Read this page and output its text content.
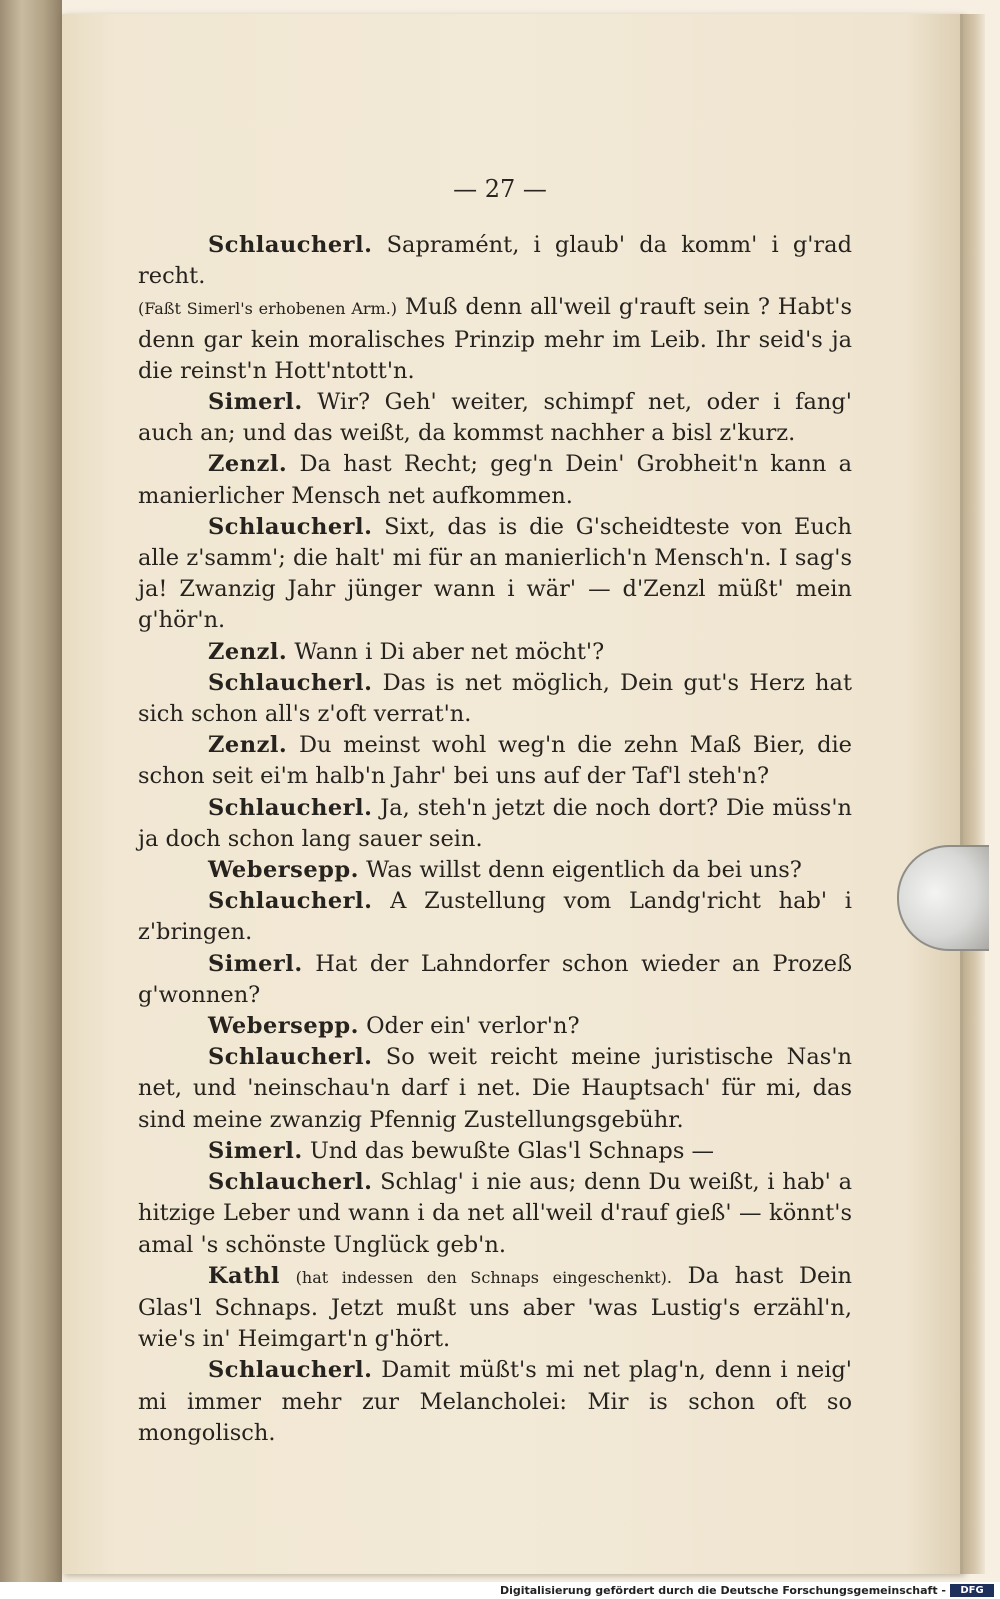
— 27 —

Schlaucherl. Sapramént, i glaub' da komm' i g'rad recht.
(Faßt Simerl's erhobenen Arm.) Muß denn all'weil g'rauft sein ? Habt's denn gar kein moralisches Prinzip mehr im Leib. Ihr seid's ja die reinst'n Hott'ntott'n.

Simerl. Wir? Geh' weiter, schimpf net, oder i fang' auch an; und das weißt, da kommst nachher a bisl z'kurz.

Zenzl. Da hast Recht; geg'n Dein' Grobheit'n kann a manierlicher Mensch net aufkommen.

Schlaucherl. Sixt, das is die G'scheidteste von Euch alle z'samm'; die halt' mi für an manierlich'n Mensch'n. I sag's ja! Zwanzig Jahr jünger wann i wär' — d'Zenzl müßt' mein g'hör'n.

Zenzl. Wann i Di aber net möcht'?

Schlaucherl. Das is net möglich, Dein gut's Herz hat sich schon all's z'oft verrat'n.

Zenzl. Du meinst wohl weg'n die zehn Maß Bier, die schon seit ei'm halb'n Jahr' bei uns auf der Taf'l steh'n?

Schlaucherl. Ja, steh'n jetzt die noch dort? Die müss'n ja doch schon lang sauer sein.

Webersepp. Was willst denn eigentlich da bei uns?

Schlaucherl. A Zustellung vom Landg'richt hab' i z'bringen.

Simerl. Hat der Lahndorfer schon wieder an Prozeß g'wonnen?

Webersepp. Oder ein' verlor'n?

Schlaucherl. So weit reicht meine juristische Nas'n net, und 'neinschau'n darf i net. Die Hauptsach' für mi, das sind meine zwanzig Pfennig Zustellungsgebühr.

Simerl. Und das bewußte Glas'l Schnaps —

Schlaucherl. Schlag' i nie aus; denn Du weißt, i hab' a hitzige Leber und wann i da net all'weil d'rauf gieß' — könnt's amal 's schönste Unglück geb'n.

Kathl (hat indessen den Schnaps eingeschenkt). Da hast Dein Glas'l Schnaps. Jetzt mußt uns aber 'was Lustig's erzähl'n, wie's in' Heimgart'n g'hört.

Schlaucherl. Damit müßt's mi net plag'n, denn i neig' mi immer mehr zur Melancholei: Mir is schon oft so mongolisch.

Digitalisierung gefördert durch die Deutsche Forschungsgemeinschaft -	DFG
